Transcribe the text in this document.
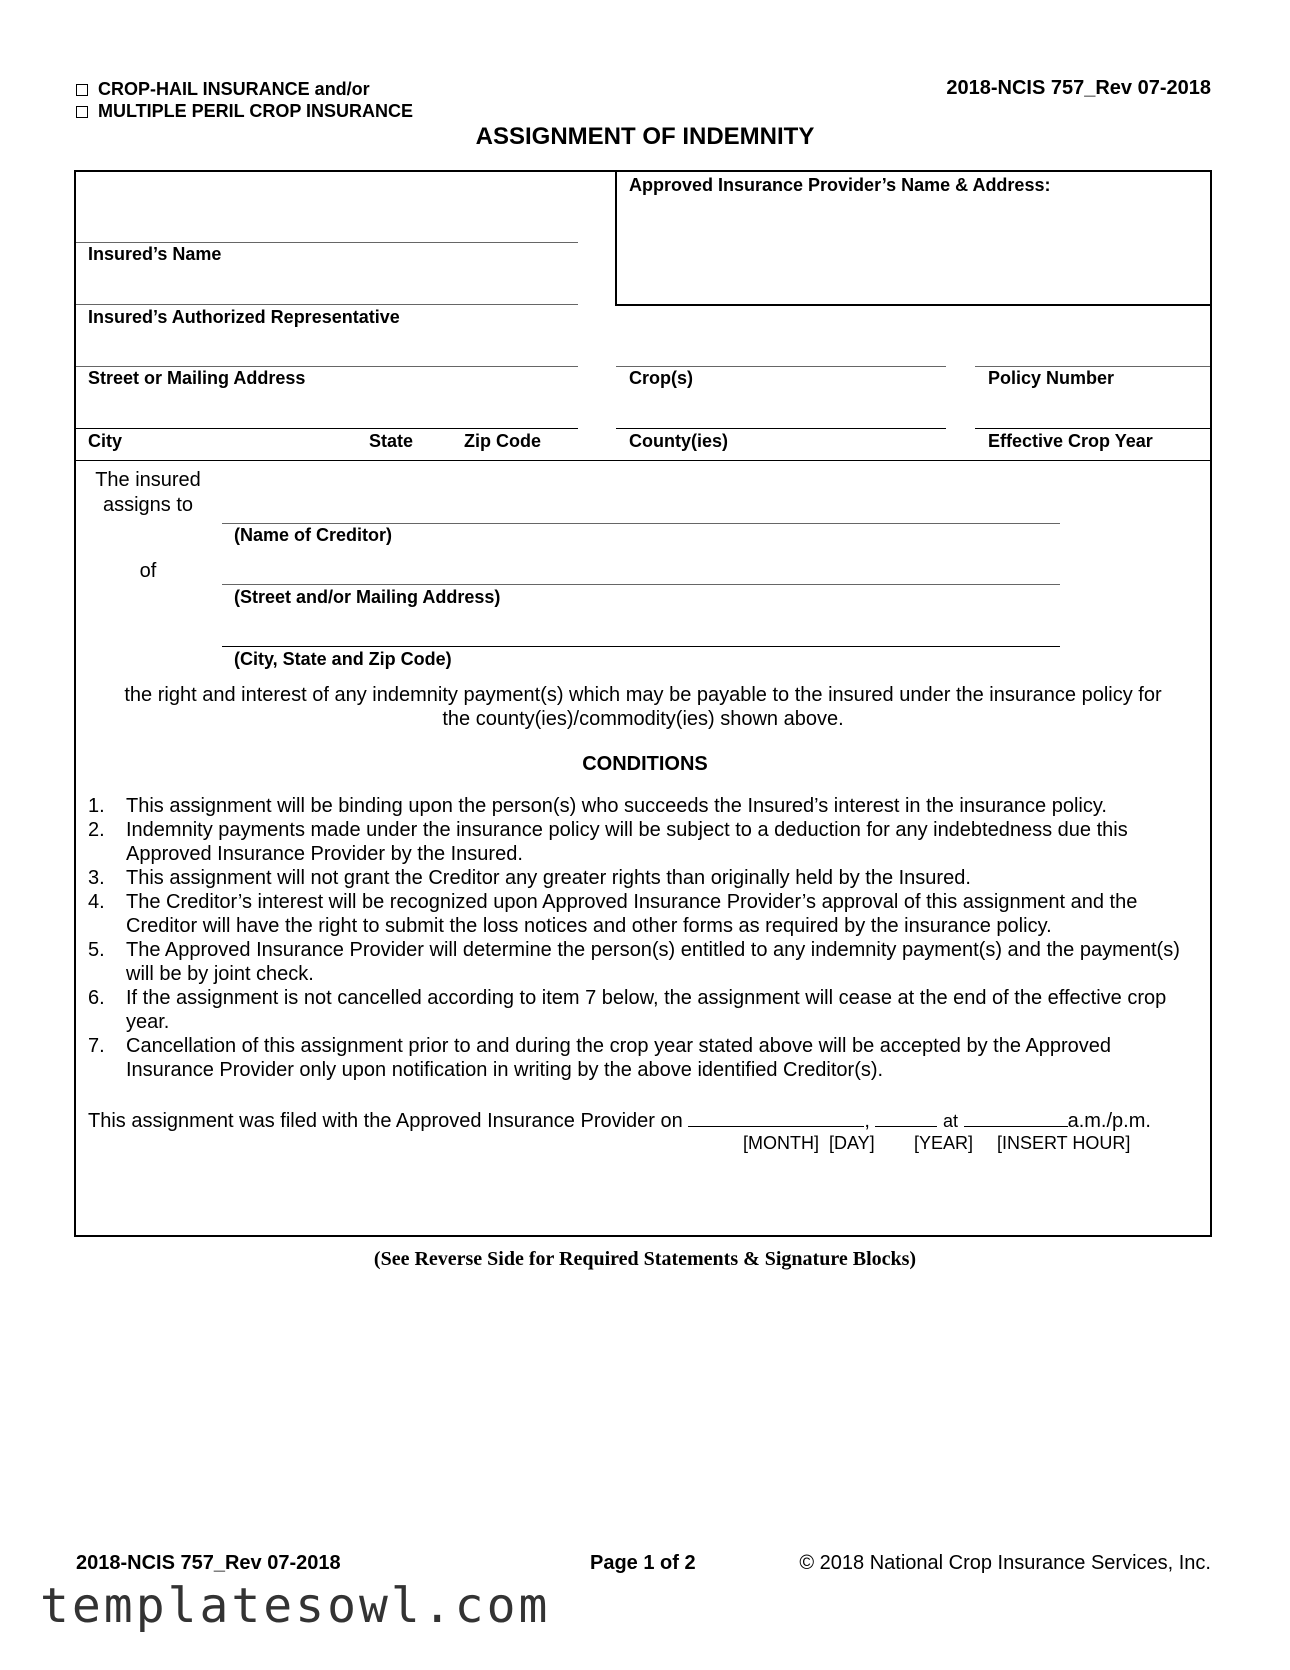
CROP-HAIL INSURANCE and/or
MULTIPLE PERIL CROP INSURANCE
2018-NCIS 757_Rev 07-2018
ASSIGNMENT OF INDEMNITY
Approved Insurance Provider’s Name & Address:
Insured’s Name
Insured’s Authorized Representative
Street or Mailing Address
City	State	Zip Code
Crop(s)
County(ies)
Policy Number
Effective Crop Year
The insured
assigns to
(Name of Creditor)
of
(Street and/or Mailing Address)
(City, State and Zip Code)
the right and interest of any indemnity payment(s) which may be payable to the insured under the insurance policy for
the county(ies)/commodity(ies) shown above.
CONDITIONS
1. This assignment will be binding upon the person(s) who succeeds the Insured’s interest in the insurance policy.
2. Indemnity payments made under the insurance policy will be subject to a deduction for any indebtedness due this Approved Insurance Provider by the Insured.
3. This assignment will not grant the Creditor any greater rights than originally held by the Insured.
4. The Creditor’s interest will be recognized upon Approved Insurance Provider’s approval of this assignment and the Creditor will have the right to submit the loss notices and other forms as required by the insurance policy.
5. The Approved Insurance Provider will determine the person(s) entitled to any indemnity payment(s) and the payment(s) will be by joint check.
6. If the assignment is not cancelled according to item 7 below, the assignment will cease at the end of the effective crop year.
7. Cancellation of this assignment prior to and during the crop year stated above will be accepted by the Approved Insurance Provider only upon notification in writing by the above identified Creditor(s).
This assignment was filed with the Approved Insurance Provider on	,	at	a.m./p.m.
[MONTH]  [DAY] [YEAR] [INSERT HOUR]
(See Reverse Side for Required Statements & Signature Blocks)
2018-NCIS 757_Rev 07-2018	Page 1 of 2	© 2018 National Crop Insurance Services, Inc.
templatesowl.com
